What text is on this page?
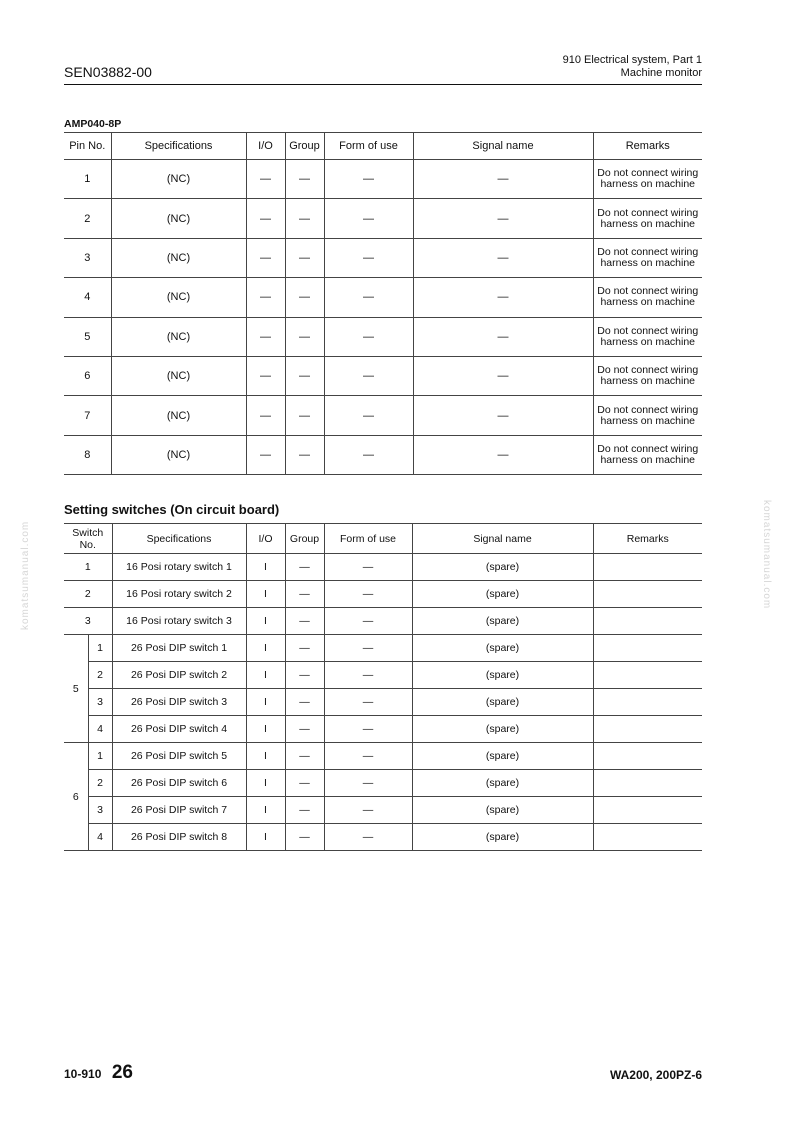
SEN03882-00
910 Electrical system, Part 1
Machine monitor
AMP040-8P
Pin No.	Specifications	I/O	Group	Form of use	Signal name	Remarks
1	(NC)	—	—	—	—	Do not connect wiring harness on machine
2	(NC)	—	—	—	—	Do not connect wiring harness on machine
3	(NC)	—	—	—	—	Do not connect wiring harness on machine
4	(NC)	—	—	—	—	Do not connect wiring harness on machine
5	(NC)	—	—	—	—	Do not connect wiring harness on machine
6	(NC)	—	—	—	—	Do not connect wiring harness on machine
7	(NC)	—	—	—	—	Do not connect wiring harness on machine
8	(NC)	—	—	—	—	Do not connect wiring harness on machine
Setting switches (On circuit board)
Switch No.		Specifications	I/O	Group	Form of use	Signal name	Remarks
1		16 Posi rotary switch 1	I	—	—	(spare)	
2		16 Posi rotary switch 2	I	—	—	(spare)	
3		16 Posi rotary switch 3	I	—	—	(spare)	
5	1	26 Posi DIP switch 1	I	—	—	(spare)	
	2	26 Posi DIP switch 2	I	—	—	(spare)	
	3	26 Posi DIP switch 3	I	—	—	(spare)	
	4	26 Posi DIP switch 4	I	—	—	(spare)	
6	1	26 Posi DIP switch 5	I	—	—	(spare)	
	2	26 Posi DIP switch 6	I	—	—	(spare)	
	3	26 Posi DIP switch 7	I	—	—	(spare)	
	4	26 Posi DIP switch 8	I	—	—	(spare)	
komatsumanual.com	komatsumanual.com
10-910 26	WA200, 200PZ-6
